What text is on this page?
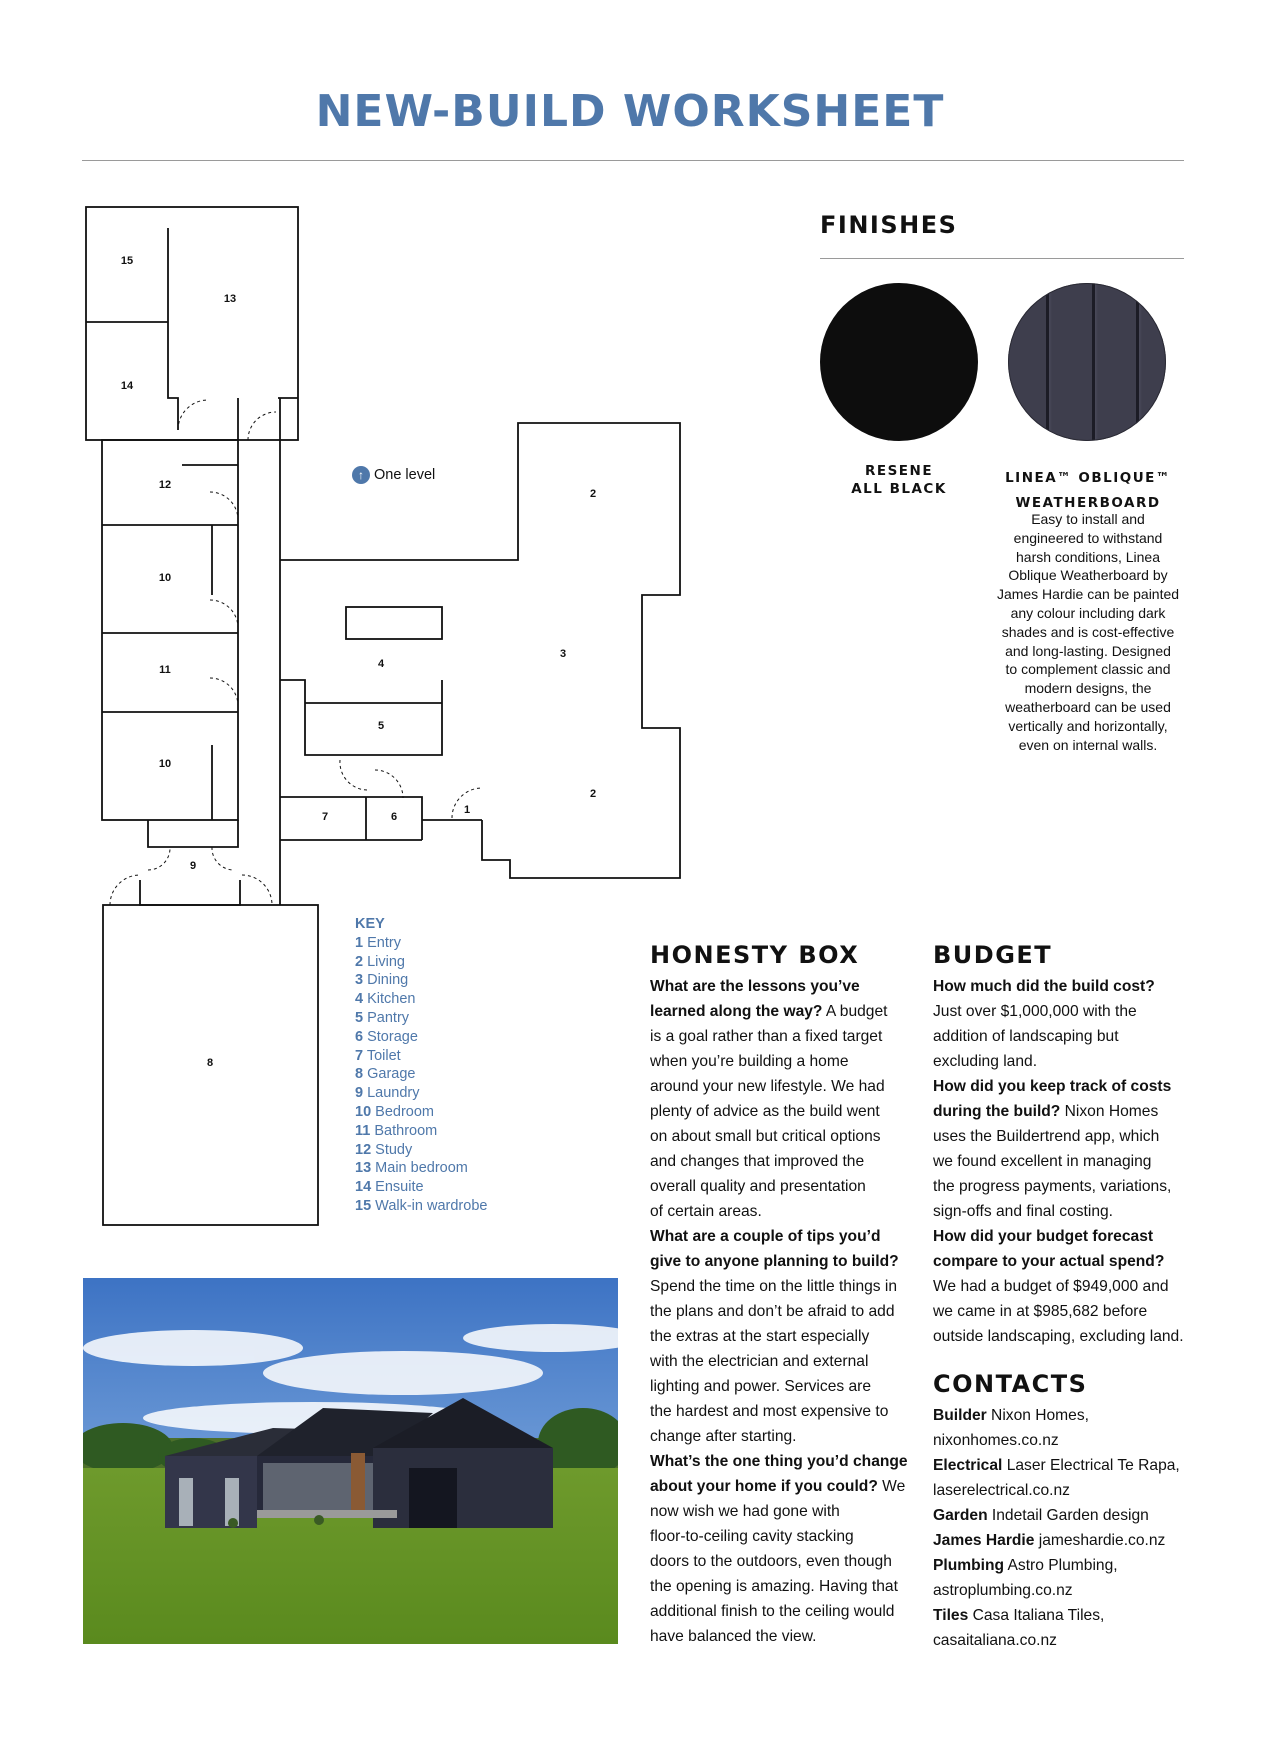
NEW-BUILD WORKSHEET
FINISHES
RESENE
ALL BLACK
LINEA™ OBLIQUE™
WEATHERBOARD
Easy to install and
engineered to withstand
harsh conditions, Linea
Oblique Weatherboard by
James Hardie can be painted
any colour including dark
shades and is cost-effective
and long-lasting. Designed
to complement classic and
modern designs, the
weatherboard can be used
vertically and horizontally,
even on internal walls.
15
13
14
12
10
11
10
9
8
4
5
7	6
1
2
3
2
↑ One level
KEY
1 Entry
2 Living
3 Dining
4 Kitchen
5 Pantry
6 Storage
7 Toilet
8 Garage
9 Laundry
10 Bedroom
11 Bathroom
12 Study
13 Main bedroom
14 Ensuite
15 Walk-in wardrobe
HONESTY BOX

What are the lessons you’ve

learned along the way? A budget

is a goal rather than a fixed target

when you’re building a home

around your new lifestyle. We had

plenty of advice as the build went

on about small but critical options

and changes that improved the

overall quality and presentation

of certain areas.

What are a couple of tips you’d

give to anyone planning to build?

Spend the time on the little things in

the plans and don’t be afraid to add

the extras at the start especially

with the electrician and external

lighting and power. Services are

the hardest and most expensive to

change after starting.

What’s the one thing you’d change

about your home if you could? We

now wish we had gone with

floor-to-ceiling cavity stacking

doors to the outdoors, even though

the opening is amazing. Having that

additional finish to the ceiling would

have balanced the view.

BUDGET

How much did the build cost?

Just over $1,000,000 with the

addition of landscaping but

excluding land.

How did you keep track of costs

during the build? Nixon Homes

uses the Buildertrend app, which

we found excellent in managing

the progress payments, variations,

sign-offs and final costing.

How did your budget forecast

compare to your actual spend?

We had a budget of $949,000 and

we came in at $985,682 before

outside landscaping, excluding land.

CONTACTS

Builder Nixon Homes,

nixonhomes.co.nz

Electrical Laser Electrical Te Rapa,

laserelectrical.co.nz

Garden Indetail Garden design

James Hardie jameshardie.co.nz

Plumbing Astro Plumbing,

astroplumbing.co.nz

Tiles Casa Italiana Tiles,

casaitaliana.co.nz
